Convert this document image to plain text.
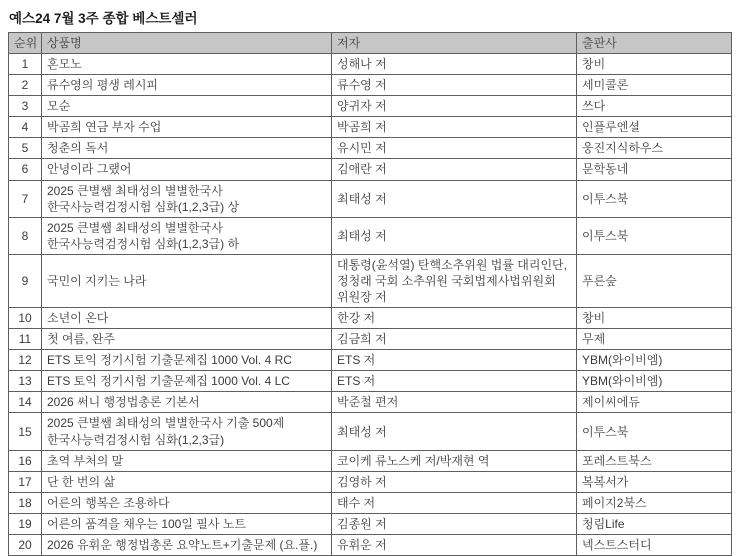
예스24 7월 3주 종합 베스트셀러
순위	상품명	저자	출판사
1	혼모노	성해나 저	창비
2	류수영의 평생 레시피	류수영 저	세미콜론
3	모순	양귀자 저	쓰다
4	박곰희 연금 부자 수업	박곰희 저	인플루엔셜
5	청춘의 독서	유시민 저	웅진지식하우스
6	안녕이라 그랬어	김애란 저	문학동네
7	2025 큰별쌤 최태성의 별별한국사 한국사능력검정시험 심화(1,2,3급) 상	최태성 저	이투스북
8	2025 큰별쌤 최태성의 별별한국사 한국사능력검정시험 심화(1,2,3급) 하	최태성 저	이투스북
9	국민이 지키는 나라	대통령(윤석열) 탄핵소추위원 법률 대리인단, 정청래 국회 소추위원 국회법제사법위원회 위원장 저	푸른숲
10	소년이 온다	한강 저	창비
11	첫 여름, 완주	김금희 저	무제
12	ETS 토익 정기시험 기출문제집 1000 Vol. 4 RC	ETS 저	YBM(와이비엠)
13	ETS 토익 정기시험 기출문제집 1000 Vol. 4 LC	ETS 저	YBM(와이비엠)
14	2026 써니 행정법총론 기본서	박준철 편저	제이씨에듀
15	2025 큰별쌤 최태성의 별별한국사 기출 500제 한국사능력검정시험 심화(1,2,3급)	최태성 저	이투스북
16	초역 부처의 말	코이케 류노스케 저/박재현 역	포레스트북스
17	단 한 번의 삶	김영하 저	복복서가
18	어른의 행복은 조용하다	태수 저	페이지2북스
19	어른의 품격을 채우는 100일 필사 노트	김종원 저	청림Life
20	2026 유휘운 행정법총론 요약노트+기출문제 (요.플.)	유휘운 저	넥스트스터디
